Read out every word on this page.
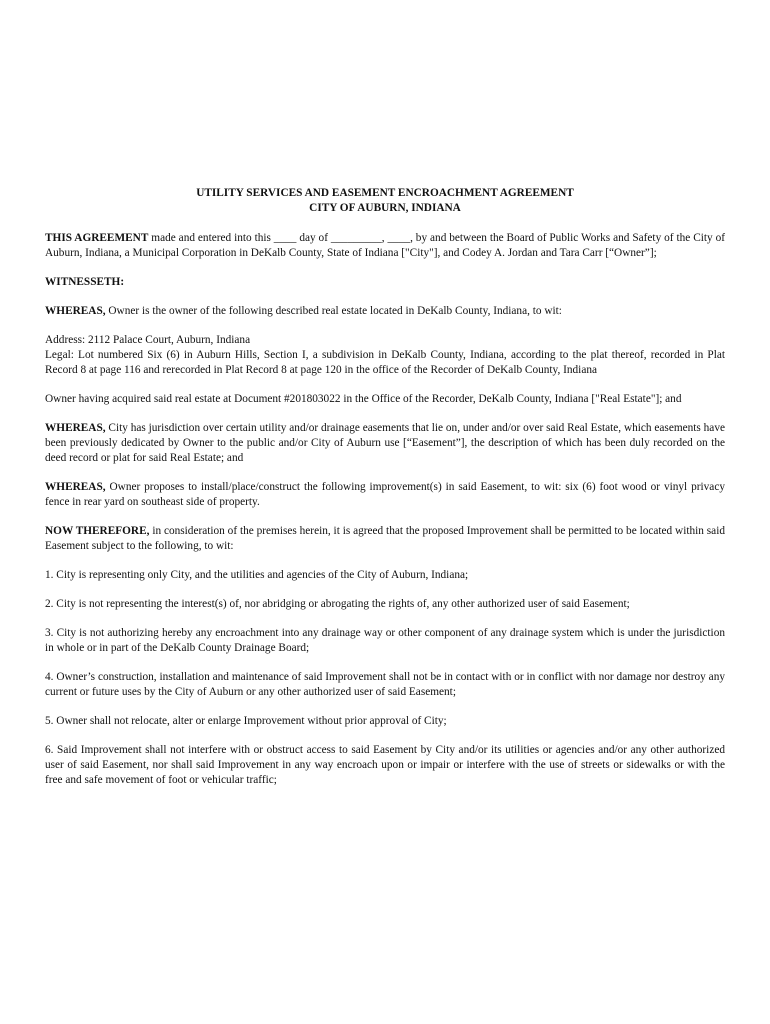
UTILITY SERVICES AND EASEMENT ENCROACHMENT AGREEMENT

CITY OF AUBURN, INDIANA

THIS AGREEMENT made and entered into this ____ day of _________, ____, by and between the Board of Public Works and Safety of the City of Auburn, Indiana, a Municipal Corporation in DeKalb County, State of Indiana ["City"], and Codey A. Jordan and Tara Carr [“Owner”];

WITNESSETH:

WHEREAS, Owner is the owner of the following described real estate located in DeKalb County, Indiana, to wit:

Address: 2112 Palace Court, Auburn, Indiana

Legal: Lot numbered Six (6) in Auburn Hills, Section I, a subdivision in DeKalb County, Indiana, according to the plat thereof, recorded in Plat Record 8 at page 116 and rerecorded in Plat Record 8 at page 120 in the office of the Recorder of DeKalb County, Indiana

Owner having acquired said real estate at Document #201803022 in the Office of the Recorder, DeKalb County, Indiana ["Real Estate"]; and

WHEREAS, City has jurisdiction over certain utility and/or drainage easements that lie on, under and/or over said Real Estate, which easements have been previously dedicated by Owner to the public and/or City of Auburn use [“Easement”], the description of which has been duly recorded on the deed record or plat for said Real Estate; and

WHEREAS, Owner proposes to install/place/construct the following improvement(s) in said Easement, to wit: six (6) foot wood or vinyl privacy fence in rear yard on southeast side of property.

NOW THEREFORE, in consideration of the premises herein, it is agreed that the proposed Improvement shall be permitted to be located within said Easement subject to the following, to wit:

1. City is representing only City, and the utilities and agencies of the City of Auburn, Indiana;

2. City is not representing the interest(s) of, nor abridging or abrogating the rights of, any other authorized user of said Easement;

3. City is not authorizing hereby any encroachment into any drainage way or other component of any drainage system which is under the jurisdiction in whole or in part of the DeKalb County Drainage Board;

4. Owner’s construction, installation and maintenance of said Improvement shall not be in contact with or in conflict with nor damage nor destroy any current or future uses by the City of Auburn or any other authorized user of said Easement;

5. Owner shall not relocate, alter or enlarge Improvement without prior approval of City;

6. Said Improvement shall not interfere with or obstruct access to said Easement by City and/or its utilities or agencies and/or any other authorized user of said Easement, nor shall said Improvement in any way encroach upon or impair or interfere with the use of streets or sidewalks or with the free and safe movement of foot or vehicular traffic;
